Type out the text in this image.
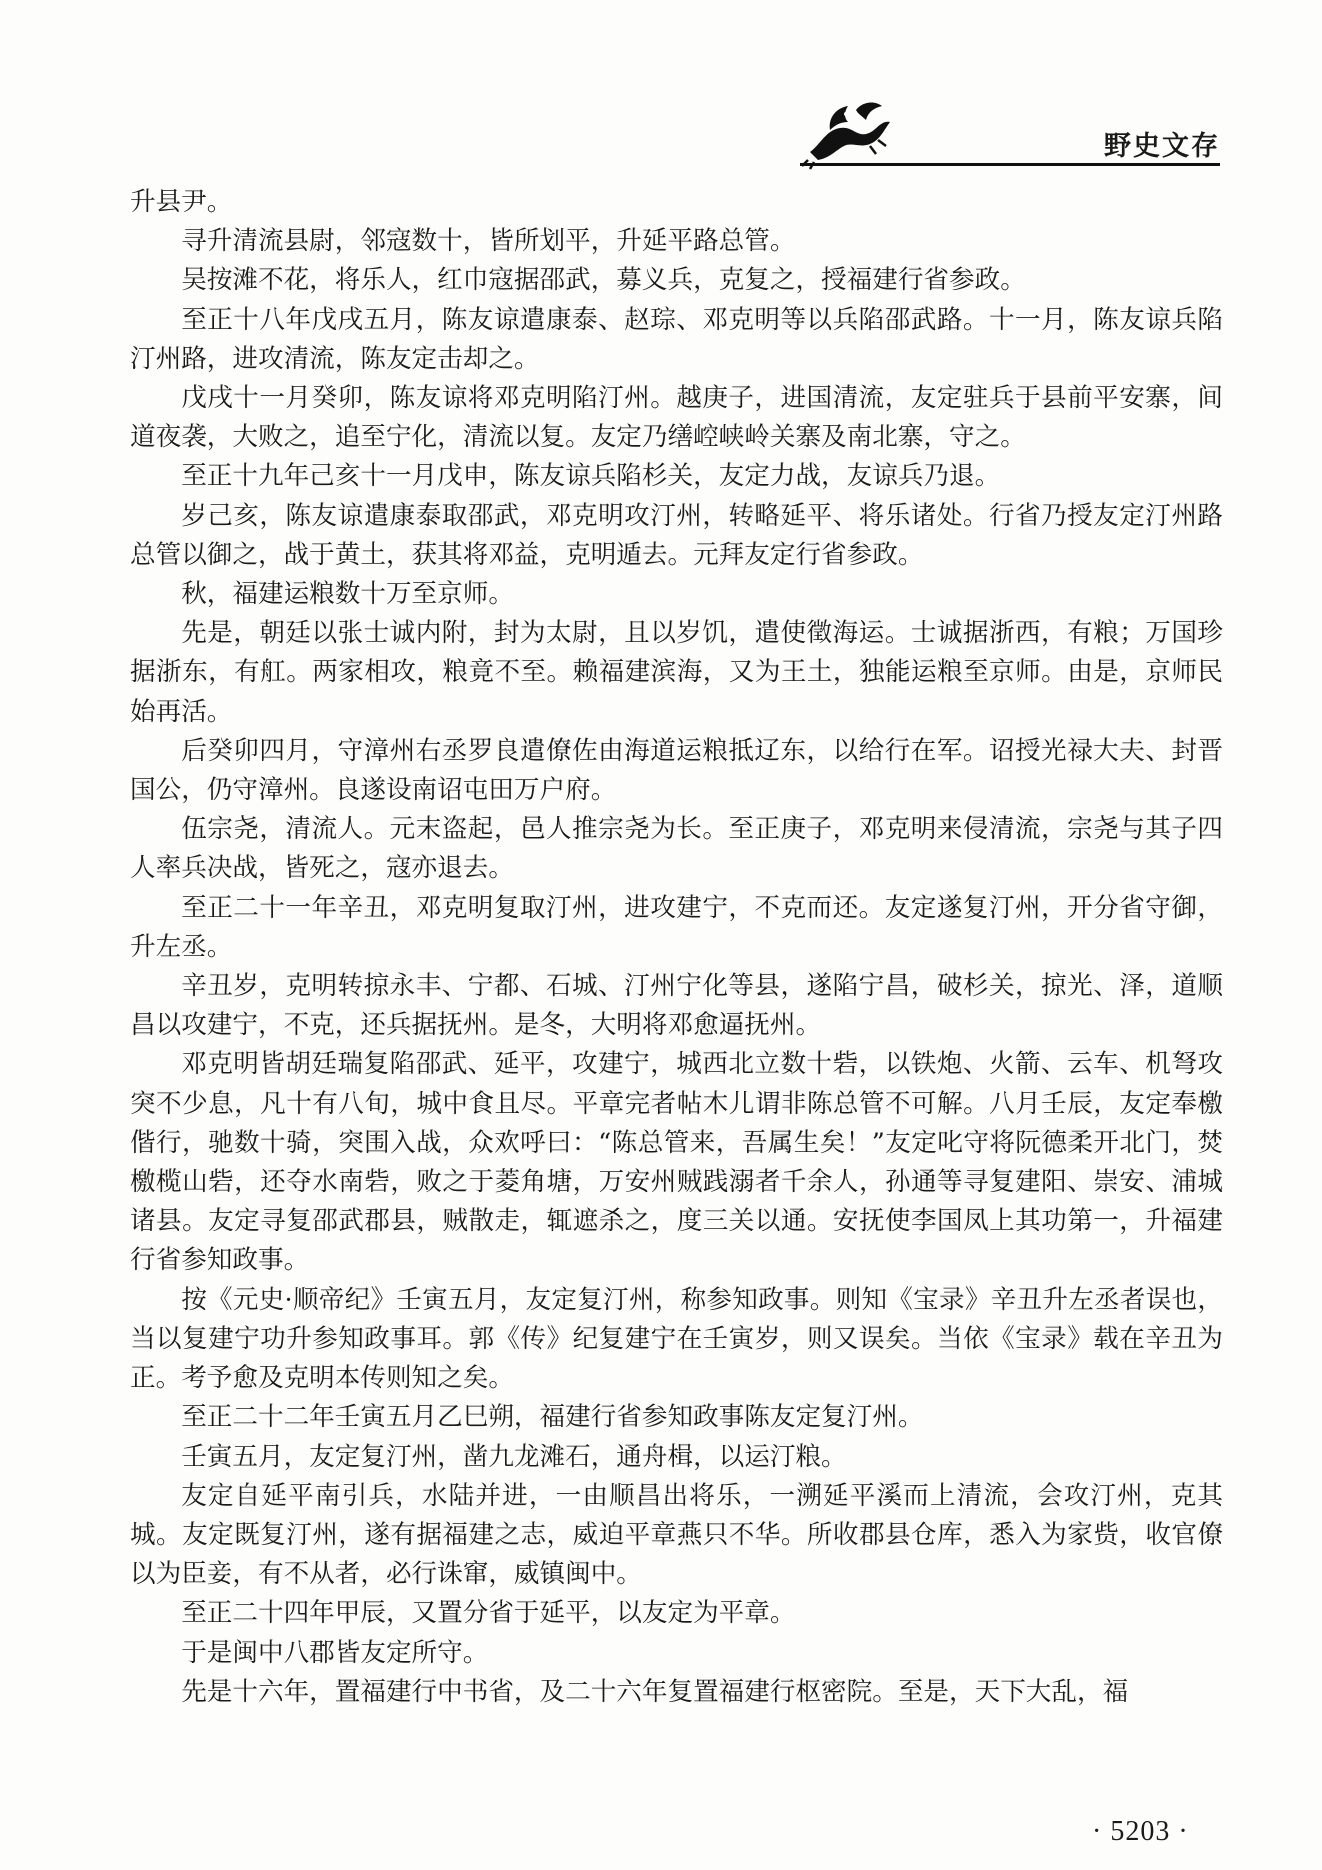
野史文存

升县尹。

寻升清流县尉，邻寇数十，皆所划平，升延平路总管。

吴按滩不花，将乐人，红巾寇据邵武，募义兵，克复之，授福建行省参政。

至正十八年戊戌五月，陈友谅遣康泰、赵琮、邓克明等以兵陷邵武路。十一月，陈友谅兵陷汀州路，进攻清流，陈友定击却之。

戊戌十一月癸卯，陈友谅将邓克明陷汀州。越庚子，进国清流，友定驻兵于县前平安寨，间道夜袭，大败之，追至宁化，清流以复。友定乃缮崆峡岭关寨及南北寨，守之。

至正十九年己亥十一月戊申，陈友谅兵陷杉关，友定力战，友谅兵乃退。

岁己亥，陈友谅遣康泰取邵武，邓克明攻汀州，转略延平、将乐诸处。行省乃授友定汀州路总管以御之，战于黄土，获其将邓益，克明遁去。元拜友定行省参政。

秋，福建运粮数十万至京师。

先是，朝廷以张士诚内附，封为太尉，且以岁饥，遣使徵海运。士诚据浙西，有粮；万国珍据浙东，有舡。两家相攻，粮竟不至。赖福建滨海，又为王土，独能运粮至京师。由是，京师民始再活。

后癸卯四月，守漳州右丞罗良遣僚佐由海道运粮抵辽东，以给行在军。诏授光禄大夫、封晋国公，仍守漳州。良遂设南诏屯田万户府。

伍宗尧，清流人。元末盗起，邑人推宗尧为长。至正庚子，邓克明来侵清流，宗尧与其子四人率兵决战，皆死之，寇亦退去。

至正二十一年辛丑，邓克明复取汀州，进攻建宁，不克而还。友定遂复汀州，开分省守御，升左丞。

辛丑岁，克明转掠永丰、宁都、石城、汀州宁化等县，遂陷宁昌，破杉关，掠光、泽，道顺昌以攻建宁，不克，还兵据抚州。是冬，大明将邓愈逼抚州。

邓克明皆胡廷瑞复陷邵武、延平，攻建宁，城西北立数十砦，以铁炮、火箭、云车、机弩攻突不少息，凡十有八旬，城中食且尽。平章完者帖木儿谓非陈总管不可解。八月壬辰，友定奉檄偕行，驰数十骑，突围入战，众欢呼曰：“陈总管来，吾属生矣！”友定叱守将阮德柔开北门，焚檄榄山砦，还夺水南砦，败之于菱角塘，万安州贼践溺者千余人，孙通等寻复建阳、崇安、浦城诸县。友定寻复邵武郡县，贼散走，辄遮杀之，度三关以通。安抚使李国凤上其功第一，升福建行省参知政事。

按《元史·顺帝纪》壬寅五月，友定复汀州，称参知政事。则知《宝录》辛丑升左丞者误也，当以复建宁功升参知政事耳。郭《传》纪复建宁在壬寅岁，则又误矣。当依《宝录》载在辛丑为正。考予愈及克明本传则知之矣。

至正二十二年壬寅五月乙巳朔，福建行省参知政事陈友定复汀州。

壬寅五月，友定复汀州，凿九龙滩石，通舟楫，以运汀粮。

友定自延平南引兵，水陆并进，一由顺昌出将乐，一溯延平溪而上清流，会攻汀州，克其城。友定既复汀州，遂有据福建之志，威迫平章燕只不华。所收郡县仓库，悉入为家赀，收官僚以为臣妾，有不从者，必行诛窜，威镇闽中。

至正二十四年甲辰，又置分省于延平，以友定为平章。

于是闽中八郡皆友定所守。

先是十六年，置福建行中书省，及二十六年复置福建行枢密院。至是，天下大乱，福

· 5203 ·
